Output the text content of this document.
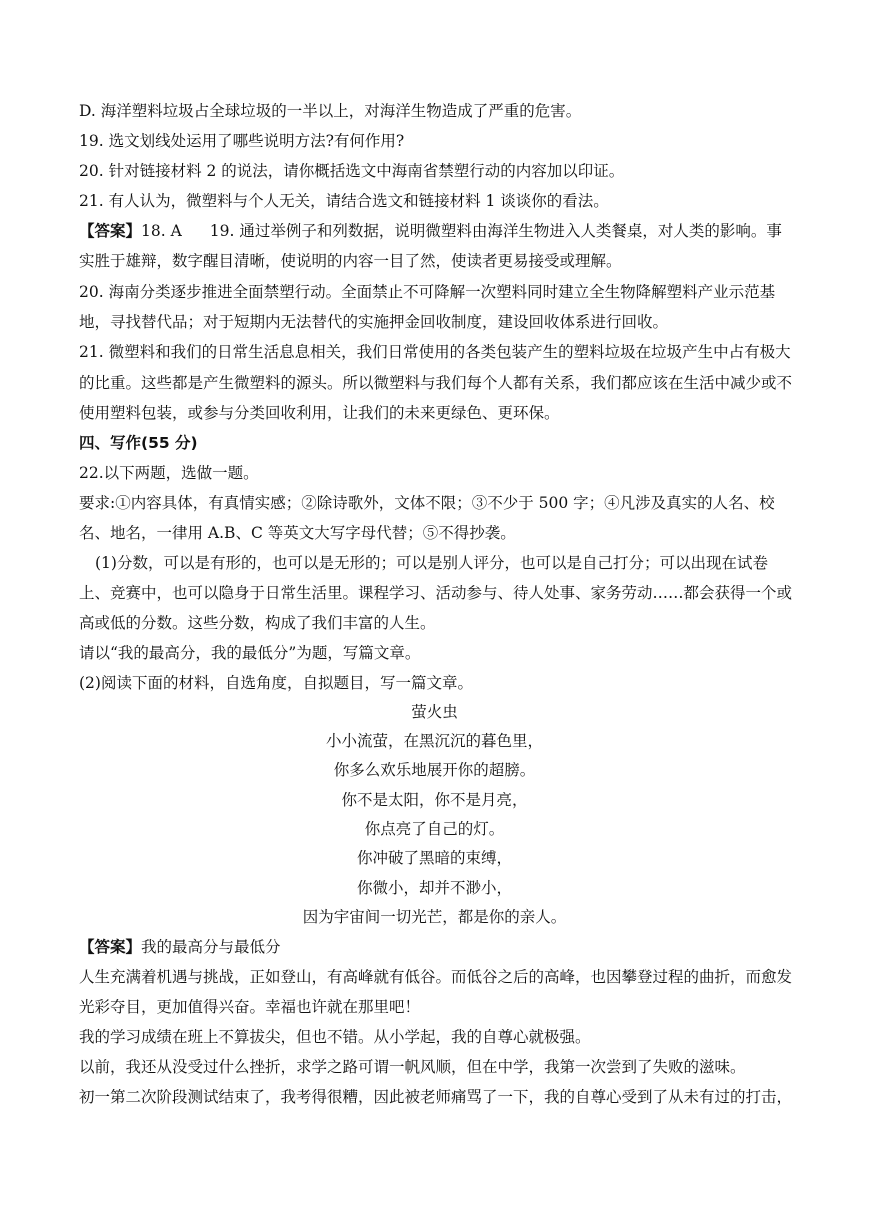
D. 海洋塑料垃圾占全球垃圾的一半以上，对海洋生物造成了严重的危害。
19. 选文划线处运用了哪些说明方法?有何作用?
20. 针对链接材料 2 的说法，请你概括选文中海南省禁塑行动的内容加以印证。
21. 有人认为，微塑料与个人无关，请结合选文和链接材料 1 谈谈你的看法。
【答案】18. A 19. 通过举例子和列数据，说明微塑料由海洋生物进入人类餐桌，对人类的影响。事
实胜于雄辩，数字醒目清晰，使说明的内容一目了然，使读者更易接受或理解。
20. 海南分类逐步推进全面禁塑行动。全面禁止不可降解一次塑料同时建立全生物降解塑料产业示范基
地，寻找替代品；对于短期内无法替代的实施押金回收制度，建设回收体系进行回收。
21. 微塑料和我们的日常生活息息相关，我们日常使用的各类包装产生的塑料垃圾在垃圾产生中占有极大
的比重。这些都是产生微塑料的源头。所以微塑料与我们每个人都有关系，我们都应该在生活中减少或不
使用塑料包装，或参与分类回收利用，让我们的未来更绿色、更环保。
四、写作(55 分)
22.以下两题，选做一题。
要求:①内容具体，有真情实感；②除诗歌外，文体不限；③不少于 500 字；④凡涉及真实的人名、校
名、地名，一律用 A.B、C 等英文大写字母代替；⑤不得抄袭。
(1)分数，可以是有形的，也可以是无形的；可以是别人评分，也可以是自己打分；可以出现在试卷
上、竞赛中，也可以隐身于日常生活里。课程学习、活动参与、待人处事、家务劳动……都会获得一个或
高或低的分数。这些分数，构成了我们丰富的人生。
请以“我的最高分，我的最低分”为题，写篇文章。
(2)阅读下面的材料，自选角度，自拟题目，写一篇文章。
萤火虫
小小流萤，在黑沉沉的暮色里，
你多么欢乐地展开你的超膀。
你不是太阳，你不是月亮，
你点亮了自己的灯。
你冲破了黑暗的束缚，
你微小，却并不渺小，
因为宇宙间一切光芒，都是你的亲人。
【答案】我的最高分与最低分
人生充满着机遇与挑战，正如登山，有高峰就有低谷。而低谷之后的高峰，也因攀登过程的曲折，而愈发
光彩夺目，更加值得兴奋。幸福也许就在那里吧！
我的学习成绩在班上不算拔尖，但也不错。从小学起，我的自尊心就极强。
以前，我还从没受过什么挫折，求学之路可谓一帆风顺，但在中学，我第一次尝到了失败的滋味。
初一第二次阶段测试结束了，我考得很糟，因此被老师痛骂了一下，我的自尊心受到了从未有过的打击，
